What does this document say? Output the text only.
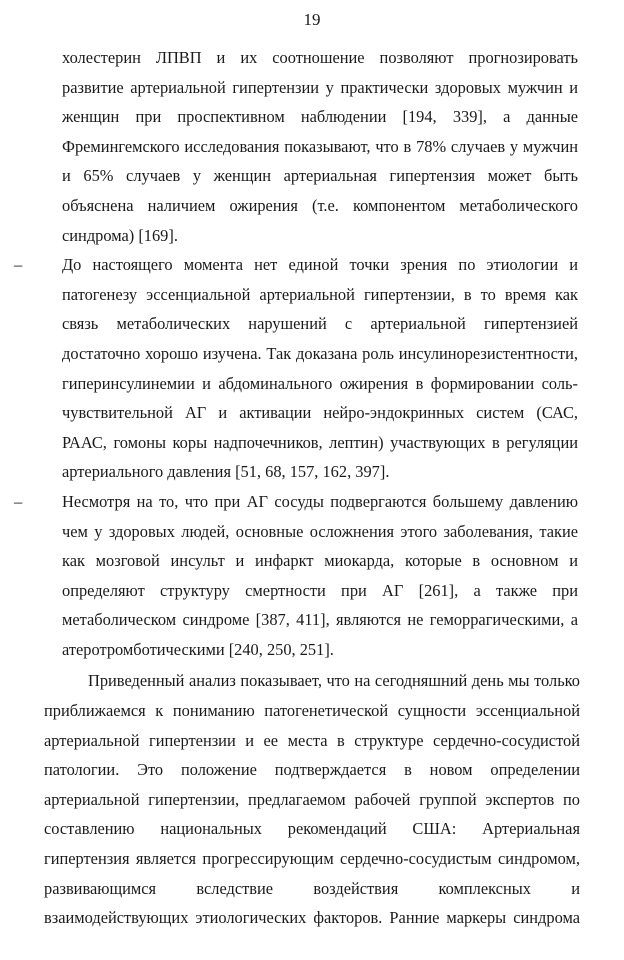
19
холестерин ЛПВП и их соотношение позволяют прогнозировать
развитие артериальной гипертензии у практически здоровых мужчин и
женщин при проспективном наблюдении [194, 339], а данные
Фремингемского исследования показывают, что в 78% случаев у мужчин
и 65% случаев у женщин артериальная гипертензия может быть
объяснена наличием ожирения (т.е. компонентом метаболического
синдрома) [169].
– До настоящего момента нет единой точки зрения по этиологии и
патогенезу эссенциальной артериальной гипертензии, в то время как
связь метаболических нарушений с артериальной гипертензией
достаточно хорошо изучена. Так доказана роль инсулинорезистентности,
гиперинсулинемии и абдоминального ожирения в формировании соль-
чувствительной АГ и активации нейро-эндокринных систем (САС,
РААС, гомоны коры надпочечников, лептин) участвующих в регуляции
артериального давления [51, 68, 157, 162, 397].
– Несмотря на то, что при АГ сосуды подвергаются большему давлению
чем у здоровых людей, основные осложнения этого заболевания, такие
как мозговой инсульт и инфаркт миокарда, которые в основном и
определяют структуру смертности при АГ [261], а также при
метаболическом синдроме [387, 411], являются не геморрагическими, а
атеротромботическими [240, 250, 251].
Приведенный анализ показывает, что на сегодняшний день мы только
приближаемся к пониманию патогенетической сущности эссенциальной
артериальной гипертензии и ее места в структуре сердечно-сосудистой
патологии. Это положение подтверждается в новом определении
артериальной гипертензии, предлагаемом рабочей группой экспертов по
составлению национальных рекомендаций США: Артериальная
гипертензия является прогрессирующим сердечно-сосудистым синдромом,
развивающимся вследствие воздействия комплексных и
взаимодействующих этиологических факторов. Ранние маркеры синдрома
